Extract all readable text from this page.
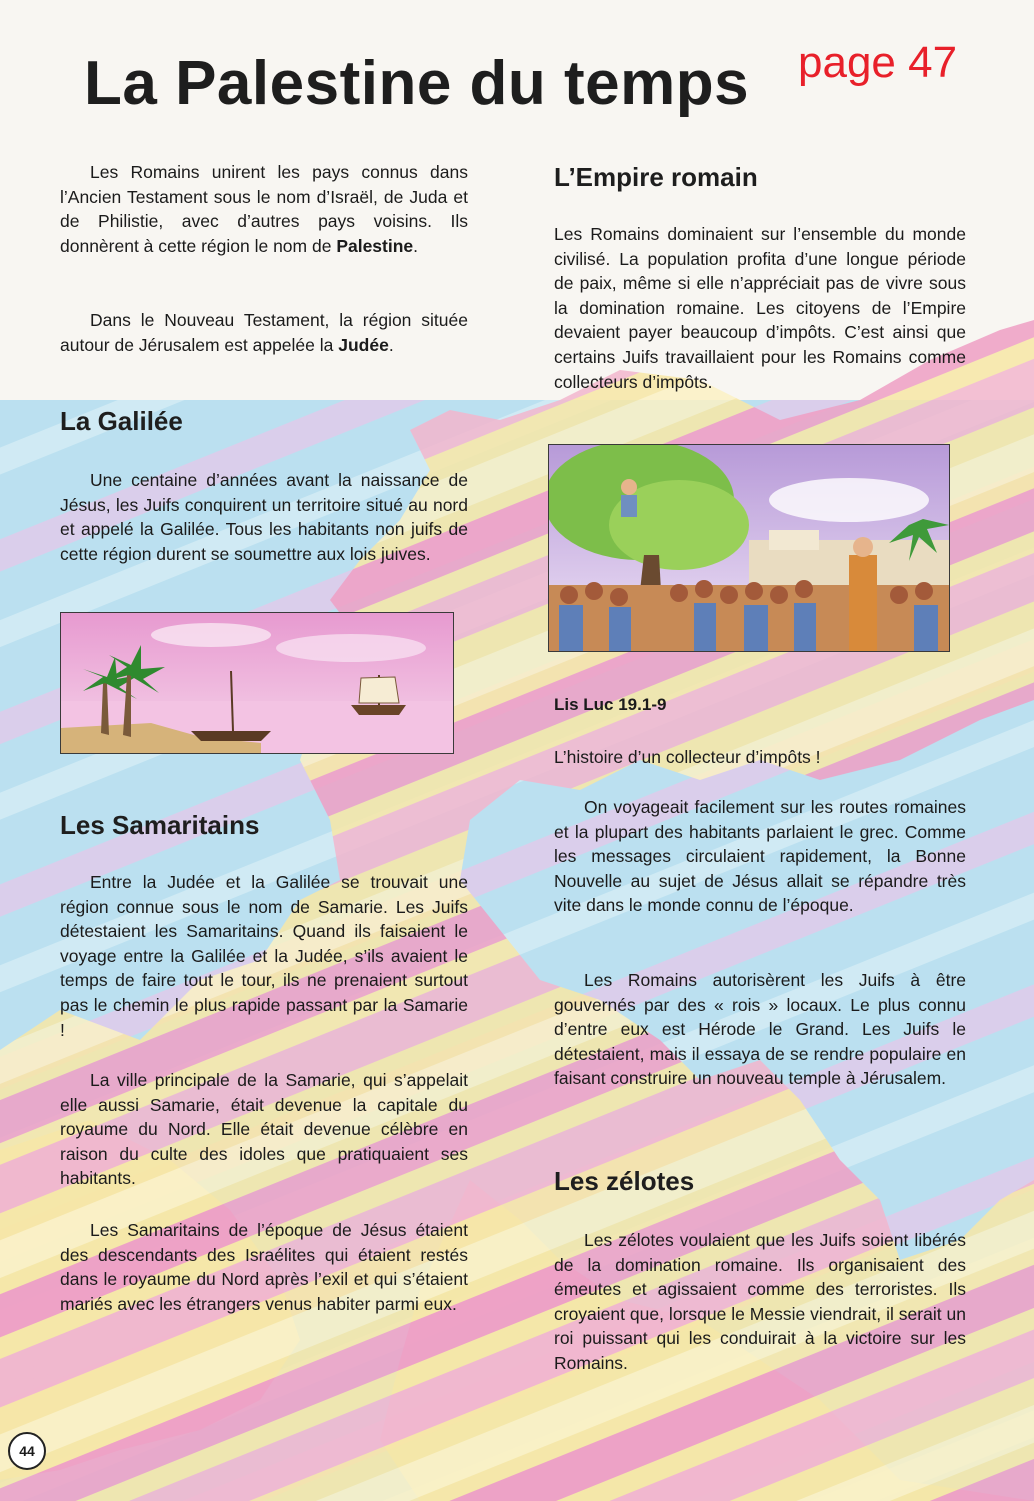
La Palestine du temps page 47

Les Romains unirent les pays connus dans l’Ancien Testament sous le nom d’Israël, de Juda et de Philistie, avec d’autres pays voisins. Ils donnèrent à cette région le nom de Palestine.

Dans le Nouveau Testament, la région située autour de Jérusalem est appelée la Judée.

La Galilée

Une centaine d’années avant la naissance de Jésus, les Juifs conquirent un territoire situé au nord et appelé la Galilée. Tous les habitants non juifs de cette région durent se soumettre aux lois juives.

Les Samaritains

Entre la Judée et la Galilée se trouvait une région connue sous le nom de Samarie. Les Juifs détestaient les Samaritains. Quand ils faisaient le voyage entre la Galilée et la Judée, s’ils avaient le temps de faire tout le tour, ils ne prenaient surtout pas le chemin le plus rapide passant par la Samarie !

La ville principale de la Samarie, qui s’appelait elle aussi Samarie, était devenue la capitale du royaume du Nord. Elle était devenue célèbre en raison du culte des idoles que pratiquaient ses habitants.

Les Samaritains de l’époque de Jésus étaient des descendants des Israélites qui étaient restés dans le royaume du Nord après l’exil et qui s’étaient mariés avec les étrangers venus habiter parmi eux.

L’Empire romain

Les Romains dominaient sur l’ensemble du monde civilisé. La population profita d’une longue période de paix, même si elle n’appréciait pas de vivre sous la domination romaine. Les citoyens de l’Empire devaient payer beaucoup d’impôts. C’est ainsi que certains Juifs travaillaient pour les Romains comme collecteurs d’impôts.

Lis Luc 19.1-9

L’histoire d’un collecteur d’impôts !

On voyageait facilement sur les routes romaines et la plupart des habitants parlaient le grec. Comme les messages circulaient rapidement, la Bonne Nouvelle au sujet de Jésus allait se répandre très vite dans le monde connu de l’époque.

Les Romains autorisèrent les Juifs à être gouvernés par des « rois » locaux. Le plus connu d’entre eux est Hérode le Grand. Les Juifs le détestaient, mais il essaya de se rendre populaire en faisant construire un nouveau temple à Jérusalem.

Les zélotes

Les zélotes voulaient que les Juifs soient libérés de la domination romaine. Ils organisaient des émeutes et agissaient comme des terroristes. Ils croyaient que, lorsque le Messie viendrait, il serait un roi puissant qui les conduirait à la victoire sur les Romains.

44
